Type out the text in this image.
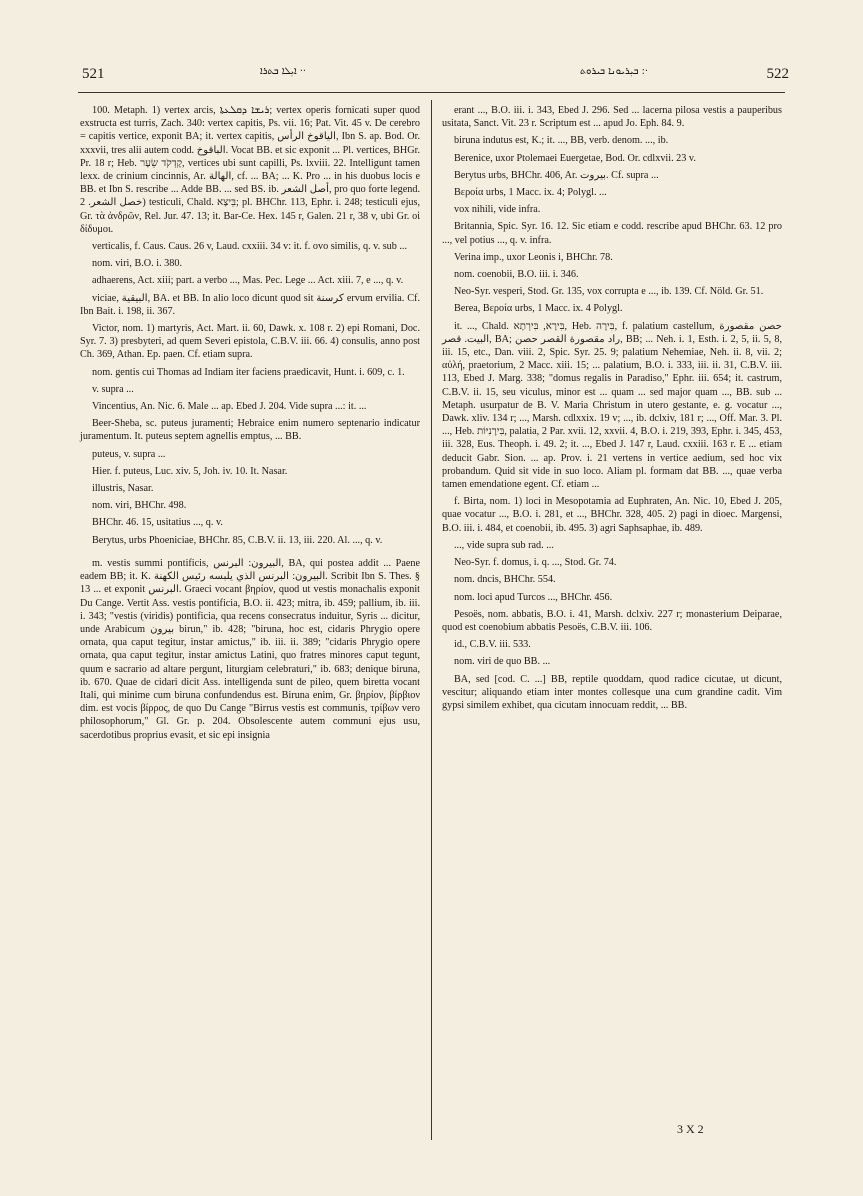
521	ܐܝܼܠܐ ܒܬܪܐ ··	ܒܝܼܪܝܘܢܐ ܒܝܪܘܬ :·	522

100. Metaph. 1) vertex arcis, ܪܝܫܐ ܕܩܠܥܬܐ; vertex operis fornicati super quod exstructa est turris, Zach. 340: vertex capitis, Ps. vii. 16; Pat. Vit. 45 v. De cerebro = capitis vertice, exponit BA; it. vertex capitis, الياقوخ الرأس, Ibn S. ap. Bod. Or. xxxvii, tres alii autem codd. الباقوخ. Vocat BB. et sic exponit ... Pl. vertices, BHGr. Pr. 18 r; Heb. קָדְקֹד שֵׂעָר, vertices ubi sunt capilli, Ps. lxviii. 22. Intelligunt tamen lexx. de crinium cincinnis, Ar. الهالة, cf. ... BA; ... K. Pro ... in his duobus locis e BB. et Ibn S. rescribe ... Adde BB. ... sed BS. ib. أصل الشعر, pro quo forte legend. خصل الشعر. 2) testiculi, Chald. בֵּיצָא; pl. BHChr. 113, Ephr. i. 248; testiculi ejus, Gr. τὰ ἀνδρῶν, Rel. Jur. 47. 13; it. Bar-Ce. Hex. 145 r, Galen. 21 r, 38 v, ubi Gr. οἱ δίδυμοι.

verticalis, f. Caus. Caus. 26 v, Laud. cxxiii. 34 v: it. f. ovo similis, q. v. sub ...

nom. viri, B.O. i. 380.

adhaerens, Act. xiii; part. a verbo ..., Mas. Pec. Lege ... Act. xiii. 7, e ..., q. v.

viciae, البيقية, BA. et BB. In alio loco dicunt quod sit كرسنة ervum ervilia. Cf. Ibn Bait. i. 198, ii. 367.

Victor, nom. 1) martyris, Act. Mart. ii. 60, Dawk. x. 108 r. 2) epi Romani, Doc. Syr. 7. 3) presbyteri, ad quem Severi epistola, C.B.V. iii. 66. 4) consulis, anno post Ch. 369, Athan. Ep. paen. Cf. etiam supra.

nom. gentis cui Thomas ad Indiam iter faciens praedicavit, Hunt. i. 609, c. 1.

v. supra ...

Vincentius, An. Nic. 6. Male ... ap. Ebed J. 204. Vide supra ...: it. ...

Beer-Sheba, sc. puteus juramenti; Hebraice enim numero septenario indicatur juramentum. It. puteus septem agnellis emptus, ... BB.

puteus, v. supra ...

Hier. f. puteus, Luc. xiv. 5, Joh. iv. 10. It. Nasar.

illustris, Nasar.

nom. viri, BHChr. 498.

BHChr. 46. 15, usitatius ..., q. v.

Berytus, urbs Phoeniciae, BHChr. 85, C.B.V. ii. 13, iii. 220. Al. ..., q. v.

m. vestis summi pontificis, البيرون: البرنس, BA, qui postea addit ... Paene eadem BB; it. K. البيرون: البرنس الذي يلبسه رئيس الكهنة. Scribit Ibn S. Thes. § 13 ... et exponit البرنس. Graeci vocant βηρίον, quod ut vestis monachalis exponit Du Cange. Vertit Ass. vestis pontificia, B.O. ii. 423; mitra, ib. 459; pallium, ib. iii. i. 343; "vestis (viridis) pontificia, qua recens consecratus induitur, Syris ... dicitur, unde Arabicum بيرون birun," ib. 428; "biruna, hoc est, cidaris Phrygio opere ornata, qua caput tegitur, instar amictus," ib. iii. ii. 389; "cidaris Phrygio opere ornata, qua caput tegitur, instar amictus Latini, quo fratres minores caput tegunt, quum e sacrario ad altare pergunt, liturgiam celebraturi," ib. 683; denique biruna, ib. 670. Quae de cidari dicit Ass. intelligenda sunt de pileo, quem biretta vocant Itali, qui minime cum biruna confundendus est. Biruna enim, Gr. βηρίον, βίρβιον dim. est vocis βίρρος, de quo Du Cange "Birrus vestis est communis, τρίβων vero philosophorum," Gl. Gr. p. 204. Obsolescente autem communi ejus usu, sacerdotibus proprius evasit, et sic epi insignia

erant ..., B.O. iii. i. 343, Ebed J. 296. Sed ... lacerna pilosa vestis a pauperibus usitata, Sanct. Vit. 23 r. Scriptum est ... apud Jo. Eph. 84. 9.

biruna indutus est, K.; it. ..., BB, verb. denom. ..., ib.

Berenice, uxor Ptolemaei Euergetae, Bod. Or. cdlxvii. 23 v.

Berytus urbs, BHChr. 406, Ar. بيروت. Cf. supra ...

Βεροία urbs, 1 Macc. ix. 4; Polygl. ...

vox nihili, vide infra.

Britannia, Spic. Syr. 16. 12. Sic etiam e codd. rescribe apud BHChr. 63. 12 pro ..., vel potius ..., q. v. infra.

Verina imp., uxor Leonis i, BHChr. 78.

nom. coenobii, B.O. iii. i. 346.

Neo-Syr. vesperi, Stod. Gr. 135, vox corrupta e ..., ib. 139. Cf. Nöld. Gr. 51.

Berea, Βεροία urbs, 1 Macc. ix. 4 Polygl.

it. ..., Chald. בִּירָא, בִּירְתָא, Heb. בִּירָה, f. palatium castellum, حصن مقصورة البيت. قصر, BA; راد مقصورة القصر حصن, BB; ... Neh. i. 1, Esth. i. 2, 5, ii. 5, 8, iii. 15, etc., Dan. viii. 2, Spic. Syr. 25. 9; palatium Nehemiae, Neh. ii. 8, vii. 2; αὐλή, praetorium, 2 Macc. xiii. 15; ... palatium, B.O. i. 333, iii. ii. 31, C.B.V. iii. 113, Ebed J. Marg. 338; "domus regalis in Paradiso," Ephr. iii. 654; it. castrum, C.B.V. ii. 15, seu viculus, minor est ... quam ... sed major quam ..., BB. sub ... Metaph. usurpatur de B. V. Maria Christum in utero gestante, e. g. vocatur ..., Dawk. xliv. 134 r; ..., Marsh. cdlxxix. 19 v; ..., ib. dclxiv, 181 r; ..., Off. Mar. 3. Pl. ..., Heb. בִּירָנִיּוֹת, palatia, 2 Par. xvii. 12, xxvii. 4, B.O. i. 219, 393, Ephr. i. 345, 453, iii. 328, Eus. Theoph. i. 49. 2; it. ..., Ebed J. 147 r, Laud. cxxiii. 163 r. E ... etiam deducit Gabr. Sion. ... ap. Prov. i. 21 vertens in vertice aedium, sed hoc vix probandum. Quid sit vide in suo loco. Aliam pl. formam dat BB. ..., quae verba tamen emendatione egent. Cf. etiam ...

f. Birta, nom. 1) loci in Mesopotamia ad Euphraten, An. Nic. 10, Ebed J. 205, quae vocatur ..., B.O. i. 281, et ..., BHChr. 328, 405. 2) pagi in dioec. Margensi, B.O. iii. i. 484, et coenobii, ib. 495. 3) agri Saphsaphae, ib. 489.

..., vide supra sub rad. ...

Neo-Syr. f. domus, i. q. ..., Stod. Gr. 74.

nom. dncis, BHChr. 554.

nom. loci apud Turcos ..., BHChr. 456.

Pesoës, nom. abbatis, B.O. i. 41, Marsh. dclxiv. 227 r; monasterium Deiparae, quod est coenobium abbatis Pesoës, C.B.V. iii. 106.

id., C.B.V. iii. 533.

nom. viri de quo BB. ...

BA, sed [cod. C. ...] BB, reptile quoddam, quod radice cicutae, ut dicunt, vescitur; aliquando etiam inter montes collesque una cum grandine cadit. Vim gypsi similem exhibet, qua cicutam innocuam reddit, ... BB.

3 X 2
